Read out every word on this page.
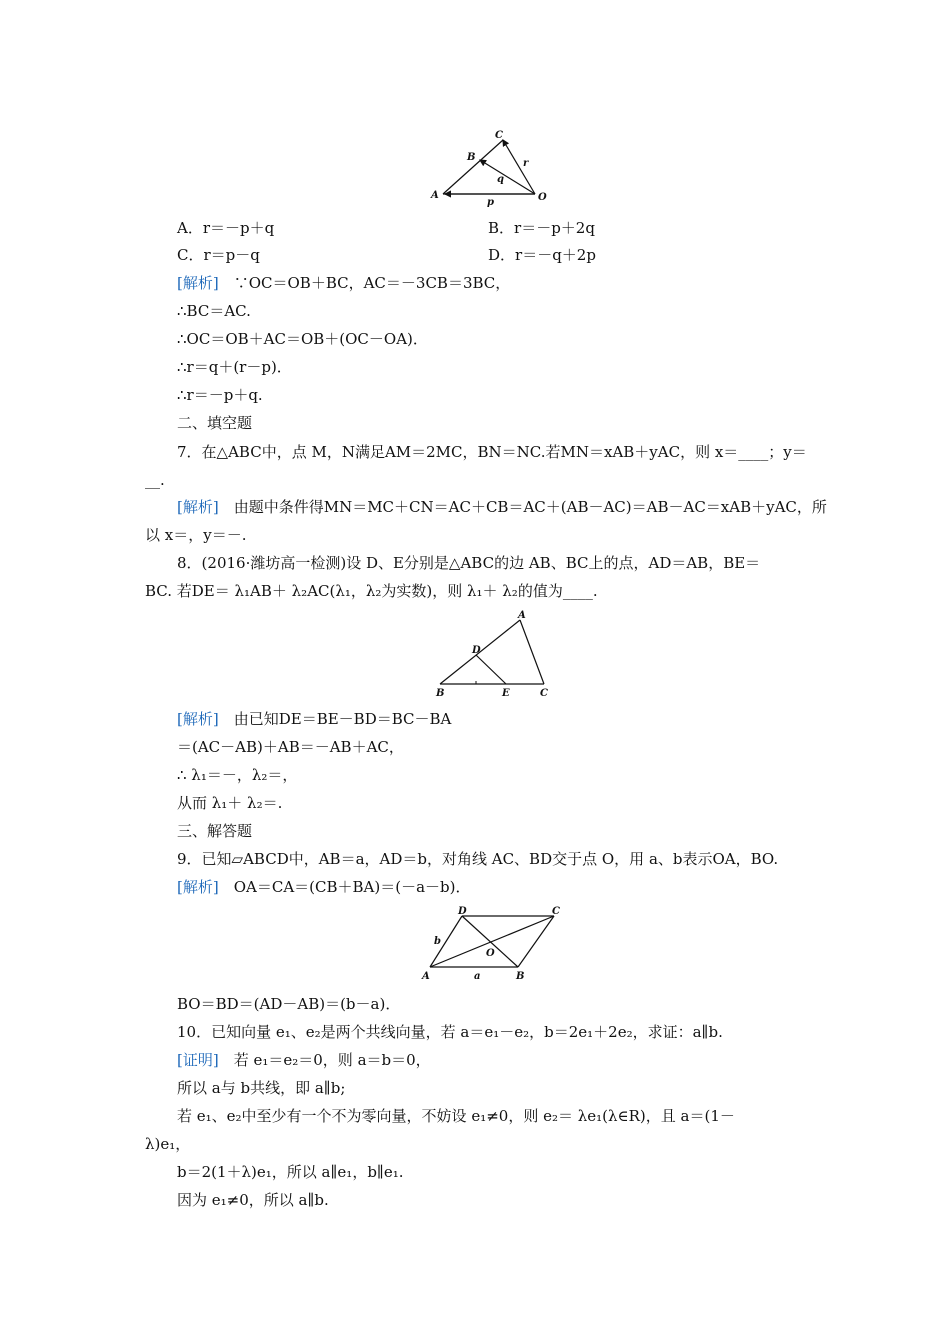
C
B
r
q
A
p	O
A．r＝－p＋q	B．r＝－p＋2q
C．r＝p－q	D．r＝－q＋2p
[解析]　∵OC＝OB＋BC，AC＝－3CB＝3BC，
∴BC＝AC.
∴OC＝OB＋AC＝OB＋(OC－OA)．
∴r＝q＋(r－p)．
∴r＝－p＋q.
二、填空题
7．在△ABC中，点 M，N满足AM＝2MC，BN＝NC.若MN＝xAB＋yAC，则 x＝____；y＝
__.
[解析]　由题中条件得MN＝MC＋CN＝AC＋CB＝AC＋(AB－AC)＝AB－AC＝xAB＋yAC，所
以 x＝，y＝－.
8．(2016·潍坊高一检测)设 D、E分别是△ABC的边 AB、BC上的点，AD＝AB，BE＝
BC. 若DE＝ λ₁AB＋ λ₂AC(λ₁，λ₂为实数)，则 λ₁＋ λ₂的值为____.
A
D
B	E	C
[解析]　由已知DE＝BE－BD＝BC－BA
＝(AC－AB)＋AB＝－AB＋AC，
∴ λ₁＝－，λ₂＝，
从而 λ₁＋ λ₂＝.
三、解答题
9．已知▱ABCD中，AB＝a，AD＝b，对角线 AC、BD交于点 O，用 a、b表示OA，BO.
[解析]　OA＝CA＝(CB＋BA)＝(－a－b)．
D	C
b
O
A	a	B
BO＝BD＝(AD－AB)＝(b－a)．
10．已知向量 e₁、e₂是两个共线向量，若 a＝e₁－e₂，b＝2e₁＋2e₂，求证：a∥b.
[证明]　若 e₁＝e₂＝0，则 a＝b＝0，
所以 a与 b共线，即 a∥b;
若 e₁、e₂中至少有一个不为零向量，不妨设 e₁≠0，则 e₂＝ λe₁(λ∈R)，且 a＝(1－
λ)e₁，
b＝2(1＋λ)e₁，所以 a∥e₁，b∥e₁.
因为 e₁≠0，所以 a∥b.
